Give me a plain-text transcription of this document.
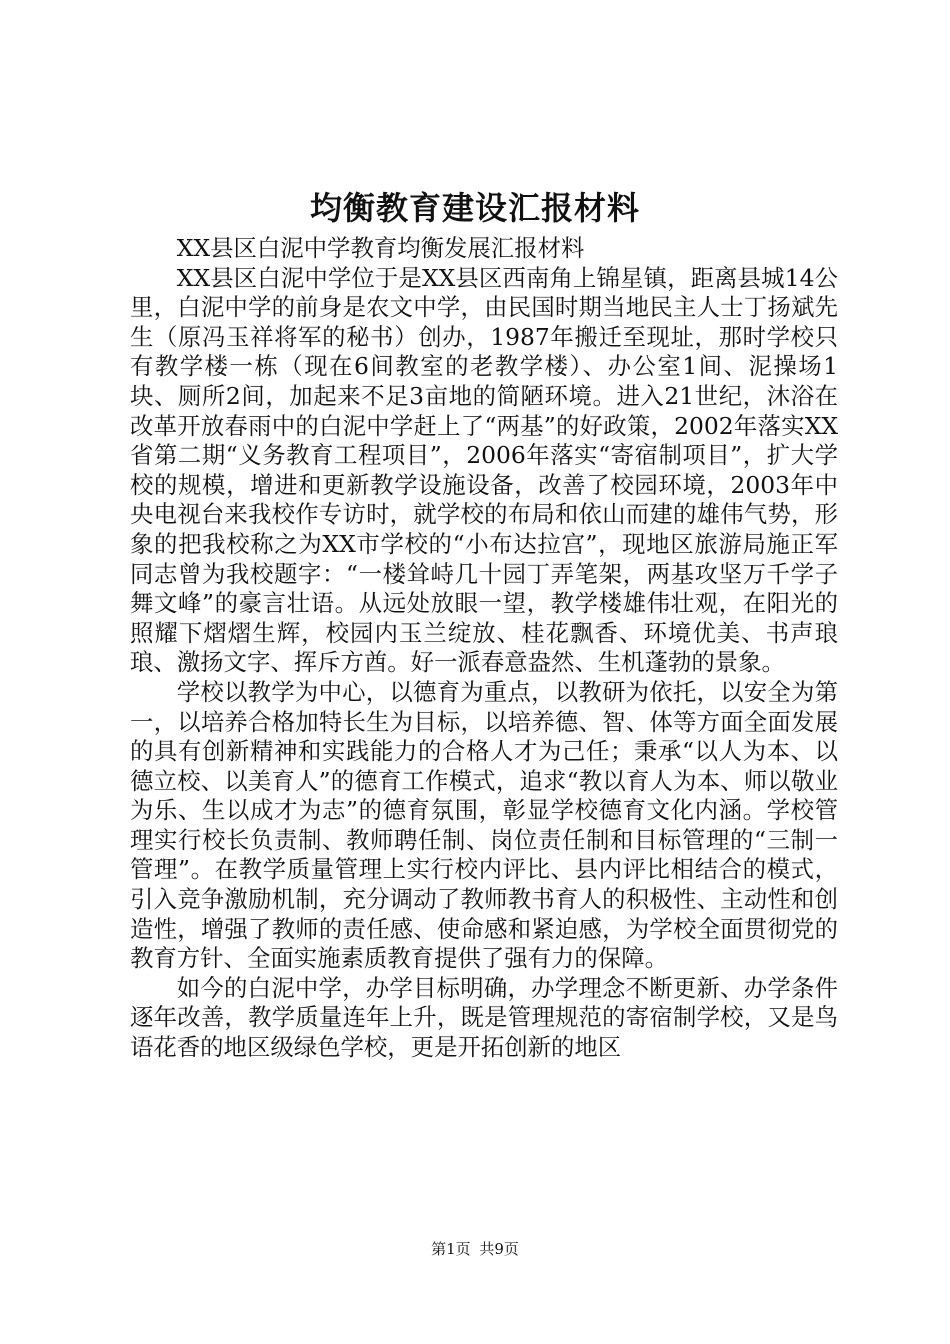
均衡教育建设汇报材料

XX县区白泥中学教育均衡发展汇报材料

XX县区白泥中学位于是XX县区西南角上锦星镇，距离县城14公里，白泥中学的前身是农文中学，由民国时期当地民主人士丁扬斌先生（原冯玉祥将军的秘书）创办，1987年搬迁至现址，那时学校只有教学楼一栋（现在6间教室的老教学楼）、办公室1间、泥操场1块、厕所2间，加起来不足3亩地的简陋环境。进入21世纪，沐浴在改革开放春雨中的白泥中学赶上了“两基”的好政策，2002年落实XX省第二期“义务教育工程项目”，2006年落实“寄宿制项目”，扩大学校的规模，增进和更新教学设施设备，改善了校园环境，2003年中央电视台来我校作专访时，就学校的布局和依山而建的雄伟气势，形象的把我校称之为XX市学校的“小布达拉宫”，现地区旅游局施正军同志曾为我校题字：“一楼耸峙几十园丁弄笔架，两基攻坚万千学子舞文峰”的豪言壮语。从远处放眼一望，教学楼雄伟壮观，在阳光的照耀下熠熠生辉，校园内玉兰绽放、桂花飘香、环境优美、书声琅琅、激扬文字、挥斥方酋。好一派春意盎然、生机蓬勃的景象。

学校以教学为中心，以德育为重点，以教研为依托，以安全为第一，以培养合格加特长生为目标，以培养德、智、体等方面全面发展的具有创新精神和实践能力的合格人才为己任；秉承“以人为本、以德立校、以美育人”的德育工作模式，追求“教以育人为本、师以敬业为乐、生以成才为志”的德育氛围，彰显学校德育文化内涵。学校管理实行校长负责制、教师聘任制、岗位责任制和目标管理的“三制一管理”。在教学质量管理上实行校内评比、县内评比相结合的模式，引入竞争激励机制，充分调动了教师教书育人的积极性、主动性和创造性，增强了教师的责任感、使命感和紧迫感，为学校全面贯彻党的教育方针、全面实施素质教育提供了强有力的保障。

如今的白泥中学，办学目标明确，办学理念不断更新、办学条件逐年改善，教学质量连年上升，既是管理规范的寄宿制学校，又是鸟语花香的地区级绿色学校，更是开拓创新的地区

第1页 共9页
